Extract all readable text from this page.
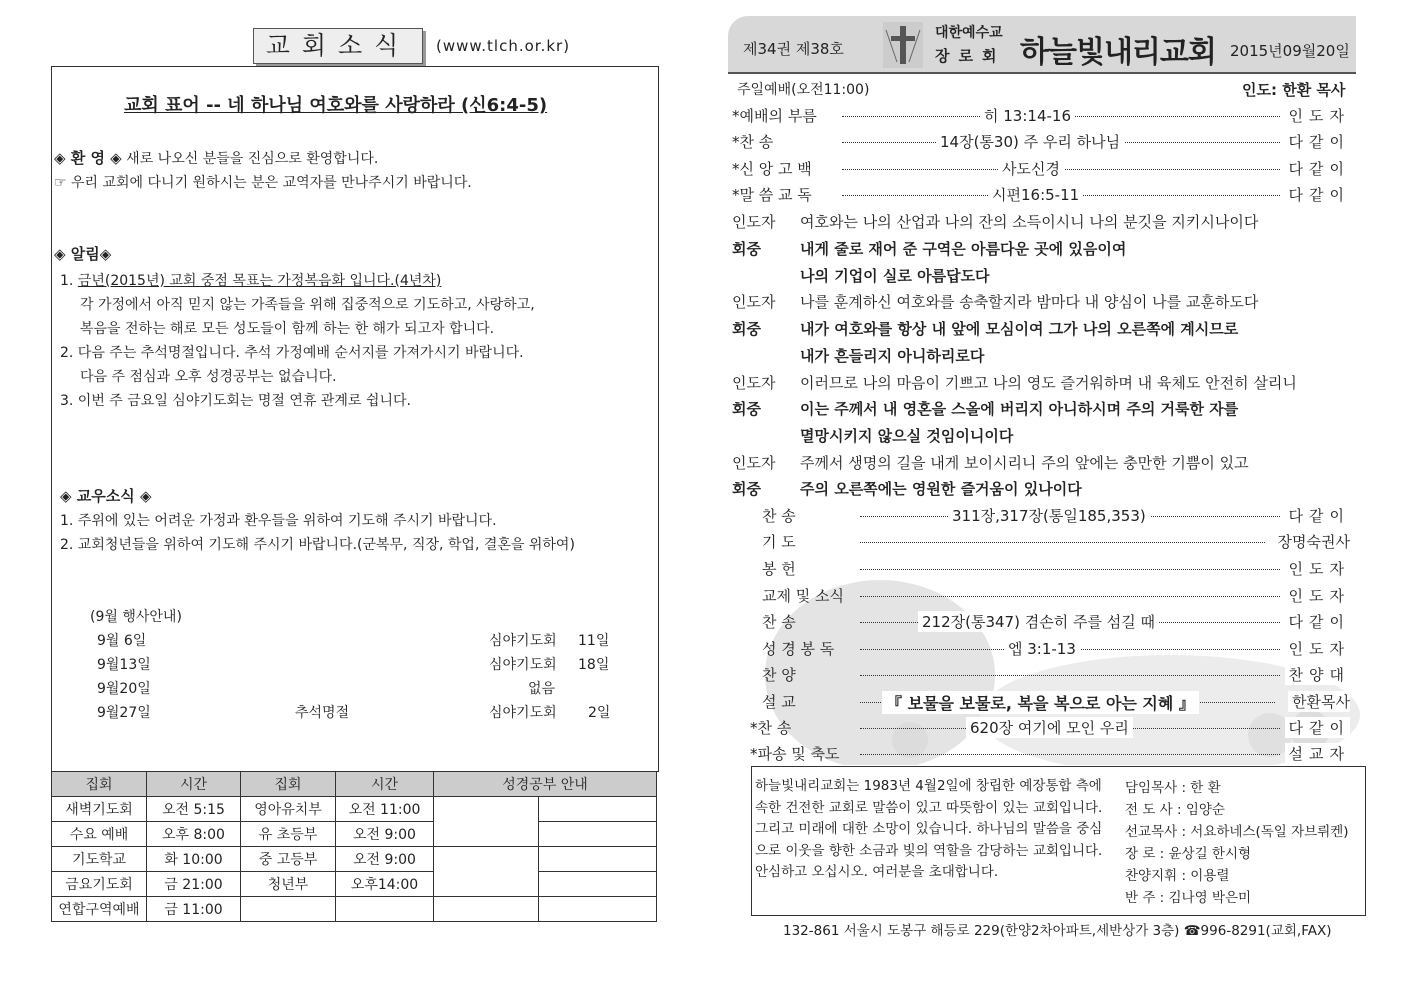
교회소식	(www.tlch.or.kr)
교회 표어 -- 네 하나님 여호와를 사랑하라 (신6:4-5)
◈ 환 영 ◈ 새로 나오신 분들을 진심으로 환영합니다.
☞ 우리 교회에 다니기 원하시는 분은 교역자를 만나주시기 바랍니다.
◈ 알림◈
1. 금년(2015년) 교회 중점 목표는 가정복음화 입니다.(4년차)
각 가정에서 아직 믿지 않는 가족들을 위해 집중적으로 기도하고, 사랑하고,
복음을 전하는 해로 모든 성도들이 함께 하는 한 해가 되고자 합니다.
2. 다음 주는 추석명절입니다. 추석 가정예배 순서지를 가져가시기 바랍니다.
다음 주 점심과 오후 성경공부는 없습니다.
3. 이번 주 금요일 심야기도회는 명절 연휴 관계로 쉽니다.
◈ 교우소식 ◈
1. 주위에 있는 어려운 가정과 환우들을 위하여 기도해 주시기 바랍니다.
2. 교회청년들을 위하여 기도해 주시기 바랍니다.(군복무, 직장, 학업, 결혼을 위하여)
(9월 행사안내)
9월 6일	심야기도회 11일
9월13일	심야기도회 18일
9월20일	없음
9월27일	추석명절	심야기도회 2일
집회	시간	집회	시간	성경공부 안내	
새벽기도회	오전 5:15	영아유치부	오전 11:00		
수요 예배	오후 8:00	유 초등부	오전 9:00		
기도학교	화 10:00	중 고등부	오전 9:00		
금요기도회	금 21:00	청년부	오후14:00		
연합구역예배	금 11:00				
제34권 제38호
대한예수교
장로회 하늘빛내리교회 2015년09월20일
주일예배(오전11:00)	인도: 한환 목사
*예배의 부름	히 13:14-16	인도자
*찬 송	14장(통30) 주 우리 하나님	다같이
*신 앙 고 백	사도신경	다같이
*말 씀 교 독	시편16:5-11	다같이
인도자 여호와는 나의 산업과 나의 잔의 소득이시니 나의 분깃을 지키시나이다
회중	내게 줄로 재어 준 구역은 아름다운 곳에 있음이여
나의 기업이 실로 아름답도다
인도자 나를 훈계하신 여호와를 송축할지라 밤마다 내 양심이 나를 교훈하도다
회중	내가 여호와를 항상 내 앞에 모심이여 그가 나의 오른쪽에 계시므로
내가 흔들리지 아니하리로다
인도자 이러므로 나의 마음이 기쁘고 나의 영도 즐거워하며 내 육체도 안전히 살리니
회중	이는 주께서 내 영혼을 스올에 버리지 아니하시며 주의 거룩한 자를
멸망시키지 않으실 것임이니이다
인도자 주께서 생명의 길을 내게 보이시리니 주의 앞에는 충만한 기쁨이 있고
회중	주의 오른쪽에는 영원한 즐거움이 있나이다
찬 송	311장,317장(통일185,353)	다같이
기 도	장명숙권사
봉 헌	인도자
교제 및 소식	인도자
찬 송	212장(통347) 겸손히 주를 섬길 때	다같이
성 경 봉 독	엡 3:1-13	인도자
찬 양	찬양대
설 교	『 보물을 보물로, 복을 복으로 아는 지혜 』	한환목사
*찬 송	620장 여기에 모인 우리	다같이
*파송 및 축도	설교자
하늘빛내리교회는 1983년 4월2일에 창립한 예장통합 측에 속한 건전한 교회로 말씀이 있고 따뜻함이 있는 교회입니다. 그리고 미래에 대한 소망이 있습니다. 하나님의 말씀을 중심으로 이웃을 향한 소금과 빛의 역할을 감당하는 교회입니다. 안심하고 오십시오. 여러분을 초대합니다.
담임목사 : 한 환
전 도 사 : 임양순
선교목사 : 서요하네스(독일 자브뤼켄)
장 로 : 윤상길 한시형
찬양지휘 : 이용렬
반 주 : 김나영 박은미
132-861 서울시 도봉구 해등로 229(한양2차아파트,세반상가 3층) ☎996-8291(교회,FAX)
